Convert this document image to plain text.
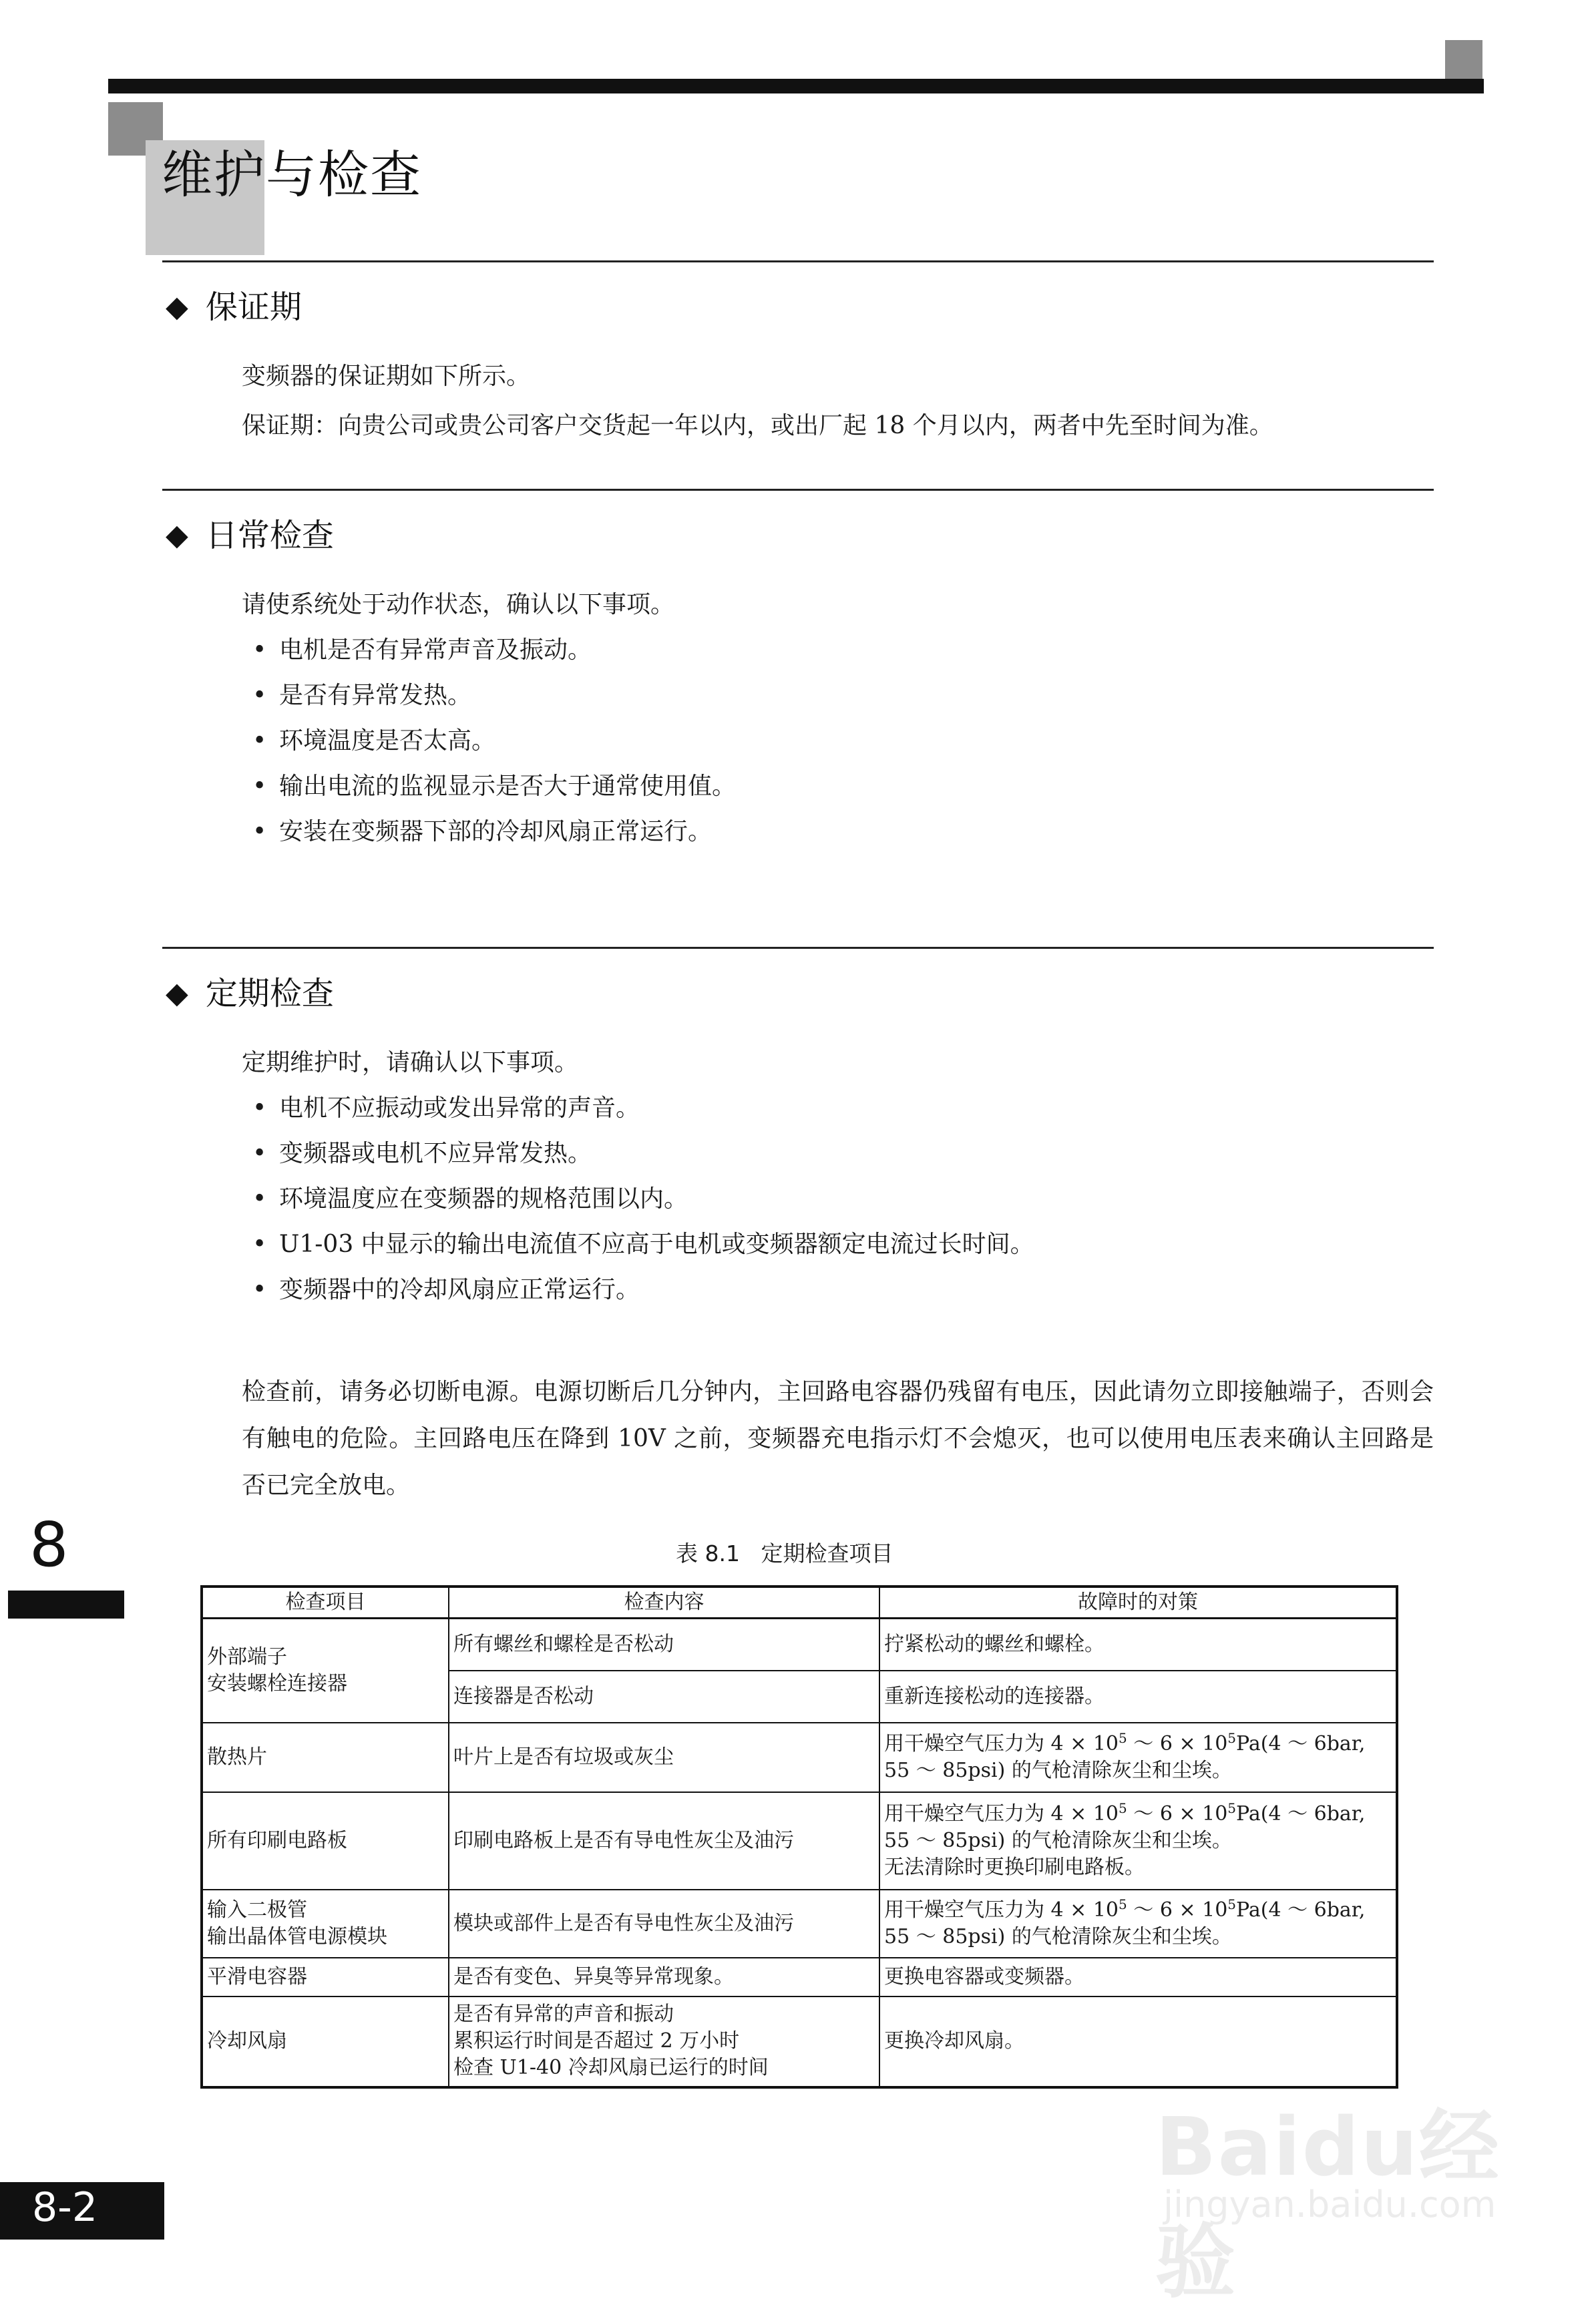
维护与检查
◆ 保证期
变频器的保证期如下所示。
保证期：向贵公司或贵公司客户交货起一年以内，或出厂起 18 个月以内，两者中先至时间为准。
◆ 日常检查
请使系统处于动作状态，确认以下事项。
• 电机是否有异常声音及振动。
• 是否有异常发热。
• 环境温度是否太高。
• 输出电流的监视显示是否大于通常使用值。
• 安装在变频器下部的冷却风扇正常运行。
◆ 定期检查
定期维护时，请确认以下事项。
• 电机不应振动或发出异常的声音。
• 变频器或电机不应异常发热。
• 环境温度应在变频器的规格范围以内。
• U1-03 中显示的输出电流值不应高于电机或变频器额定电流过长时间。
• 变频器中的冷却风扇应正常运行。
检查前，请务必切断电源。电源切断后几分钟内，主回路电容器仍残留有电压，因此请勿立即接触端子，否则会有触电的危险。主回路电压在降到 10V 之前，变频器充电指示灯不会熄灭，也可以使用电压表来确认主回路是否已完全放电。
8	表 8.1   定期检查项目
检查项目	检查内容	故障时的对策

外部端子
安装螺栓连接器	所有螺丝和螺栓是否松动	拧紧松动的螺丝和螺栓。
	连接器是否松动	重新连接松动的连接器。
散热片	叶片上是否有垃圾或灰尘	用干燥空气压力为 $4 \times 10^5$ ～ $6 \times 10^5Pa(4$ ～ 6bar,
55 ～ 85psi) 的气枪清除灰尘和尘埃。

所有印刷电路板	印刷电路板上是否有导电性灰尘及油污	用干燥空气压力为 $4 \times 10^5$ ～ $6 \times 10^5Pa(4$ ～ 6bar,
55 ～ 85psi) 的气枪清除灰尘和尘埃。
无法清除时更换印刷电路板。

输入二极管
输出晶体管电源模块	模块或部件上是否有导电性灰尘及油污	用干燥空气压力为 $4 \times 10^5$ ～ $6 \times 10^5Pa(4$ ～ 6bar,
55 ～ 85psi) 的气枪清除灰尘和尘埃。

平滑电容器	是否有变色、异臭等异常现象。	更换电容器或变频器。
冷却风扇	是否有异常的声音和振动
累积运行时间是否超过 2 万小时
检查 U1-40 冷却风扇已运行的时间	更换冷却风扇。
8-2
Baidu经验
jingyan.baidu.com
